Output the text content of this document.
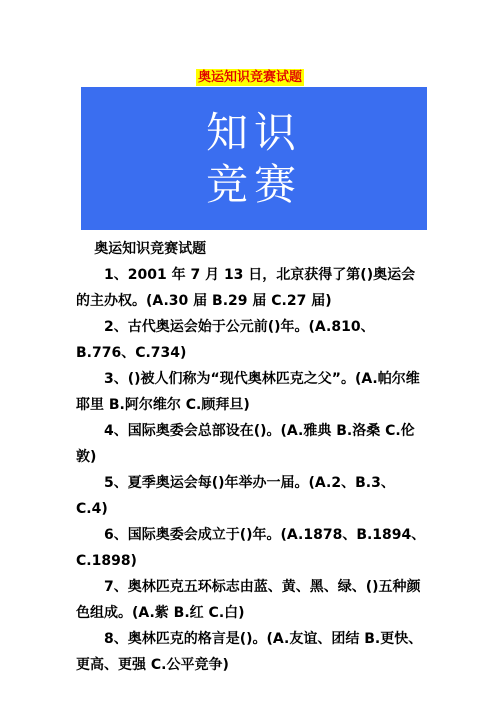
奥运知识竞赛试题
知识
竞赛

奥运知识竞赛试题

1、2001 年 7 月 13 日，北京获得了第()奥运会的主办权。(A.30 届 B.29 届 C.27 届)

2、古代奥运会始于公元前()年。(A.810、B.776、C.734)

3、()被人们称为“现代奥林匹克之父”。(A.帕尔维耶里 B.阿尔维尔 C.顾拜旦)

4、国际奥委会总部设在()。(A.雅典 B.洛桑 C.伦敦)

5、夏季奥运会每()年举办一届。(A.2、B.3、C.4)

6、国际奥委会成立于()年。(A.1878、B.1894、C.1898)

7、奥林匹克五环标志由蓝、黄、黑、绿、()五种颜色组成。(A.紫 B.红 C.白)

8、奥林匹克的格言是()。(A.友谊、团结 B.更快、更高、更强 C.公平竞争)
